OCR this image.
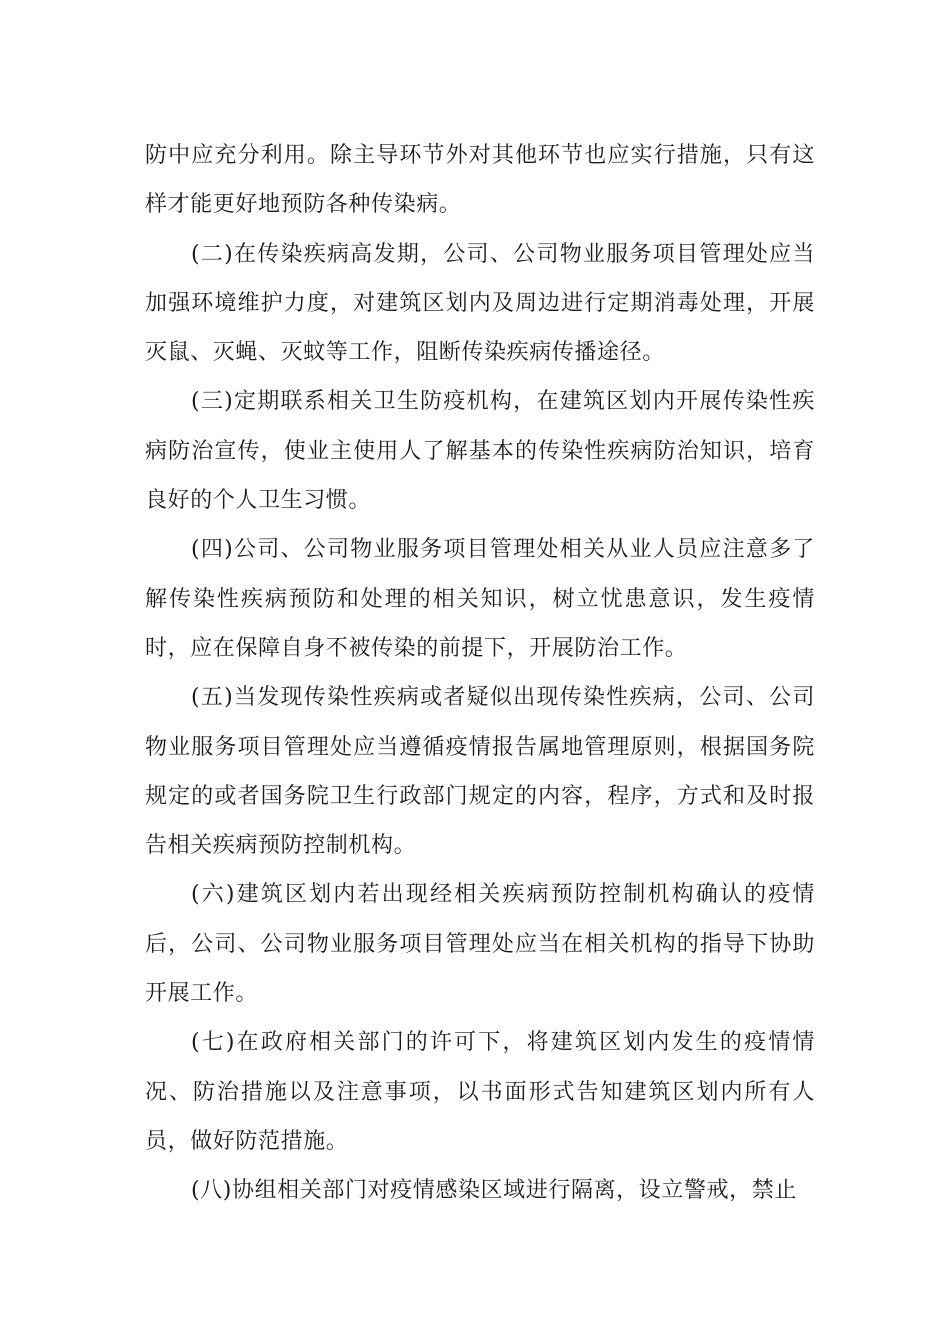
防中应充分利用。除主导环节外对其他环节也应实行措施，只有这样才能更好地预防各种传染病。

(二)在传染疾病高发期，公司、公司物业服务项目管理处应当加强环境维护力度，对建筑区划内及周边进行定期消毒处理，开展灭鼠、灭蝇、灭蚊等工作，阻断传染疾病传播途径。

(三)定期联系相关卫生防疫机构，在建筑区划内开展传染性疾病防治宣传，使业主使用人了解基本的传染性疾病防治知识，培育良好的个人卫生习惯。

(四)公司、公司物业服务项目管理处相关从业人员应注意多了解传染性疾病预防和处理的相关知识，树立忧患意识，发生疫情时，应在保障自身不被传染的前提下，开展防治工作。

(五)当发现传染性疾病或者疑似出现传染性疾病，公司、公司物业服务项目管理处应当遵循疫情报告属地管理原则，根据国务院规定的或者国务院卫生行政部门规定的内容，程序，方式和及时报告相关疾病预防控制机构。

(六)建筑区划内若出现经相关疾病预防控制机构确认的疫情后，公司、公司物业服务项目管理处应当在相关机构的指导下协助开展工作。

(七)在政府相关部门的许可下，将建筑区划内发生的疫情情况、防治措施以及注意事项，以书面形式告知建筑区划内所有人员，做好防范措施。

(八)协组相关部门对疫情感染区域进行隔离，设立警戒，禁止
